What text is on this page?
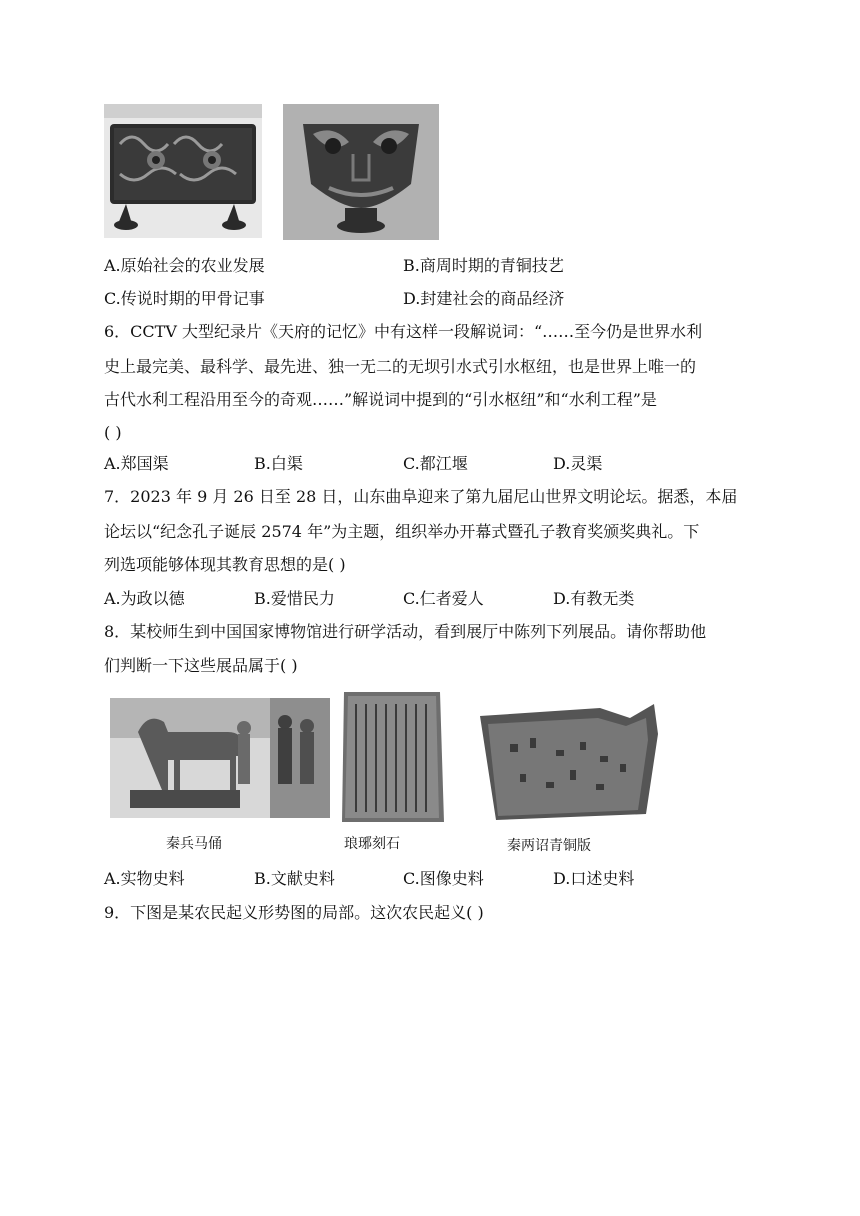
A.原始社会的农业发展	B.商周时期的青铜技艺
C.传说时期的甲骨记事	D.封建社会的商品经济
6．CCTV 大型纪录片《天府的记忆》中有这样一段解说词：“……至今仍是世界水利
史上最完美、最科学、最先进、独一无二的无坝引水式引水枢纽，也是世界上唯一的
古代水利工程沿用至今的奇观……”解说词中提到的“引水枢纽”和“水利工程”是
( )
A.郑国渠	B.白渠	C.都江堰	D.灵渠
7．2023 年 9 月 26 日至 28 日，山东曲阜迎来了第九届尼山世界文明论坛。据悉，本届
论坛以“纪念孔子诞辰 2574 年”为主题，组织举办开幕式暨孔子教育奖颁奖典礼。下
列选项能够体现其教育思想的是( )
A.为政以德	B.爱惜民力	C.仁者爱人	D.有教无类
8．某校师生到中国国家博物馆进行研学活动，看到展厅中陈列下列展品。请你帮助他
们判断一下这些展品属于( )
秦兵马俑	琅琊刻石	秦两诏青铜版
A.实物史料	B.文献史料	C.图像史料	D.口述史料
9．下图是某农民起义形势图的局部。这次农民起义( )
